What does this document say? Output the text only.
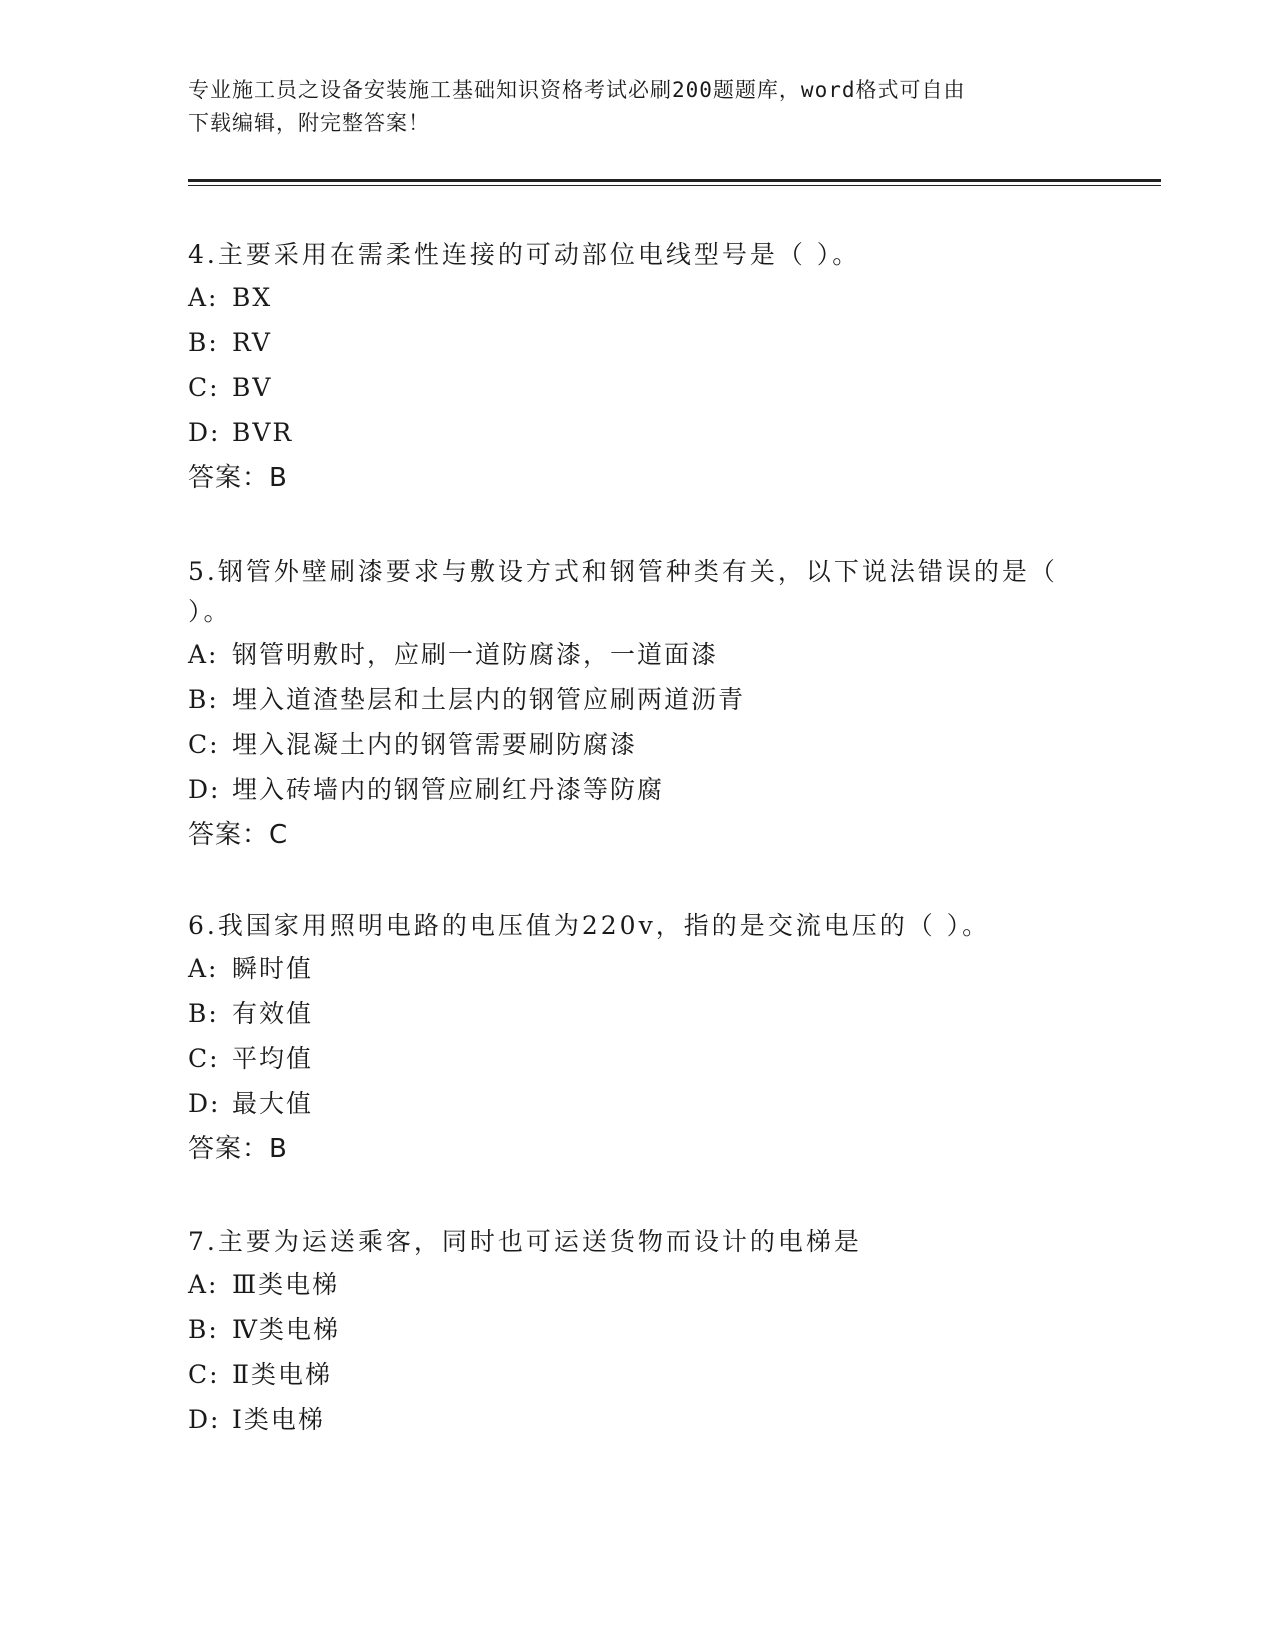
专业施工员之设备安装施工基础知识资格考试必刷200题题库，word格式可自由
下载编辑，附完整答案！

4.主要采用在需柔性连接的可动部位电线型号是（ ）。

A: BX

B: RV

C: BV

D: BVR

答案：B

5.钢管外壁刷漆要求与敷设方式和钢管种类有关，以下说法错误的是（ ）。

A: 钢管明敷时，应刷一道防腐漆，一道面漆

B: 埋入道渣垫层和土层内的钢管应刷两道沥青

C: 埋入混凝土内的钢管需要刷防腐漆

D: 埋入砖墙内的钢管应刷红丹漆等防腐

答案：C

6.我国家用照明电路的电压值为220v，指的是交流电压的（ ）。

A: 瞬时值

B: 有效值

C: 平均值

D: 最大值

答案：B

7.主要为运送乘客，同时也可运送货物而设计的电梯是

A: Ⅲ类电梯

B: Ⅳ类电梯

C: Ⅱ类电梯

D: Ⅰ类电梯
